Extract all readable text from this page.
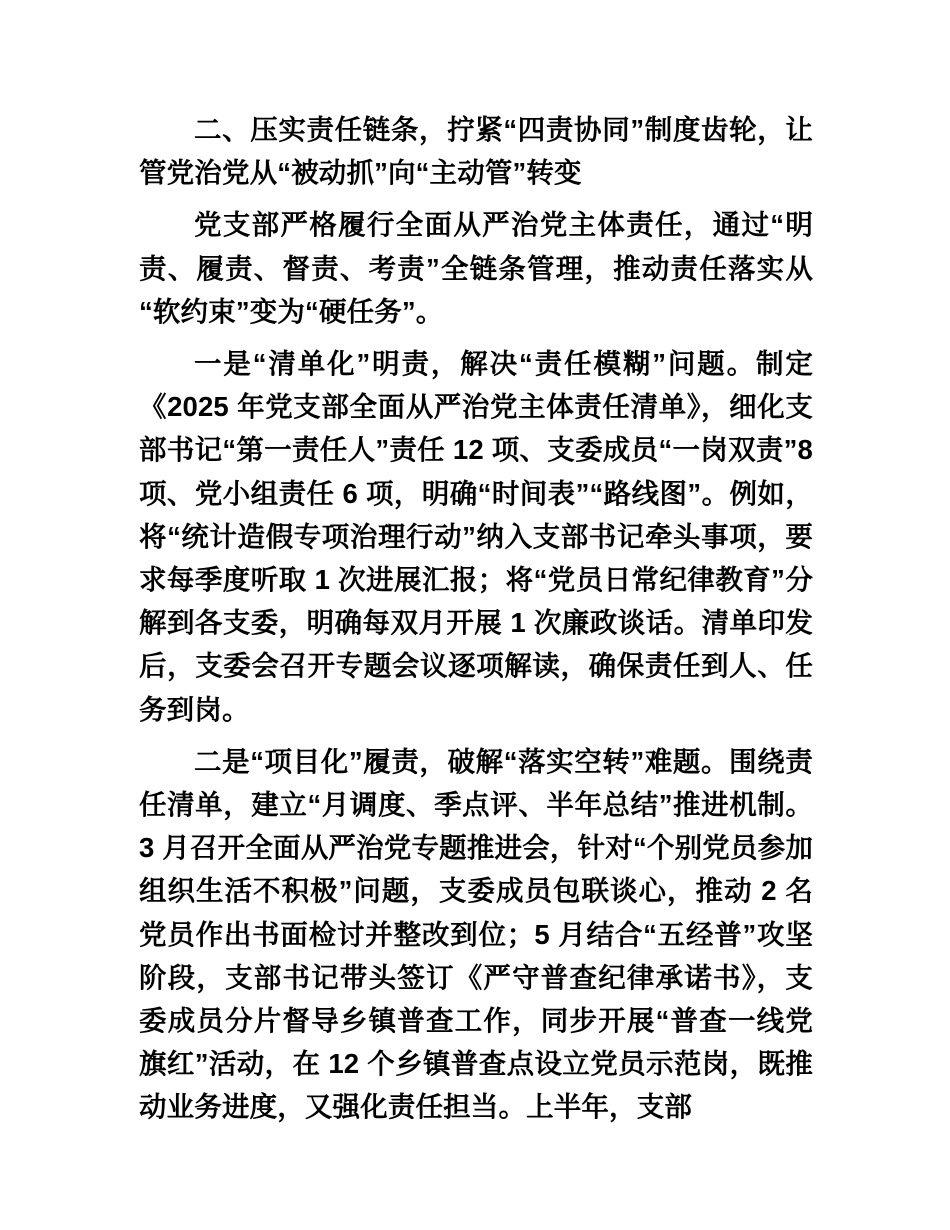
二、压实责任链条，拧紧“四责协同”制度齿轮，让管党治党从“被动抓”向“主动管”转变

党支部严格履行全面从严治党主体责任，通过“明责、履责、督责、考责”全链条管理，推动责任落实从“软约束”变为“硬任务”。

一是“清单化”明责，解决“责任模糊”问题。制定《2025 年党支部全面从严治党主体责任清单》，细化支部书记“第一责任人”责任 12 项、支委成员“一岗双责”8 项、党小组责任 6 项，明确“时间表”“路线图”。例如，将“统计造假专项治理行动”纳入支部书记牵头事项，要求每季度听取 1 次进展汇报；将“党员日常纪律教育”分解到各支委，明确每双月开展 1 次廉政谈话。清单印发后，支委会召开专题会议逐项解读，确保责任到人、任务到岗。

二是“项目化”履责，破解“落实空转”难题。围绕责任清单，建立“月调度、季点评、半年总结”推进机制。3 月召开全面从严治党专题推进会，针对“个别党员参加组织生活不积极”问题，支委成员包联谈心，推动 2 名党员作出书面检讨并整改到位；5 月结合“五经普”攻坚阶段，支部书记带头签订《严守普查纪律承诺书》，支委成员分片督导乡镇普查工作，同步开展“普查一线党旗红”活动，在 12 个乡镇普查点设立党员示范岗，既推动业务进度，又强化责任担当。上半年，支部
